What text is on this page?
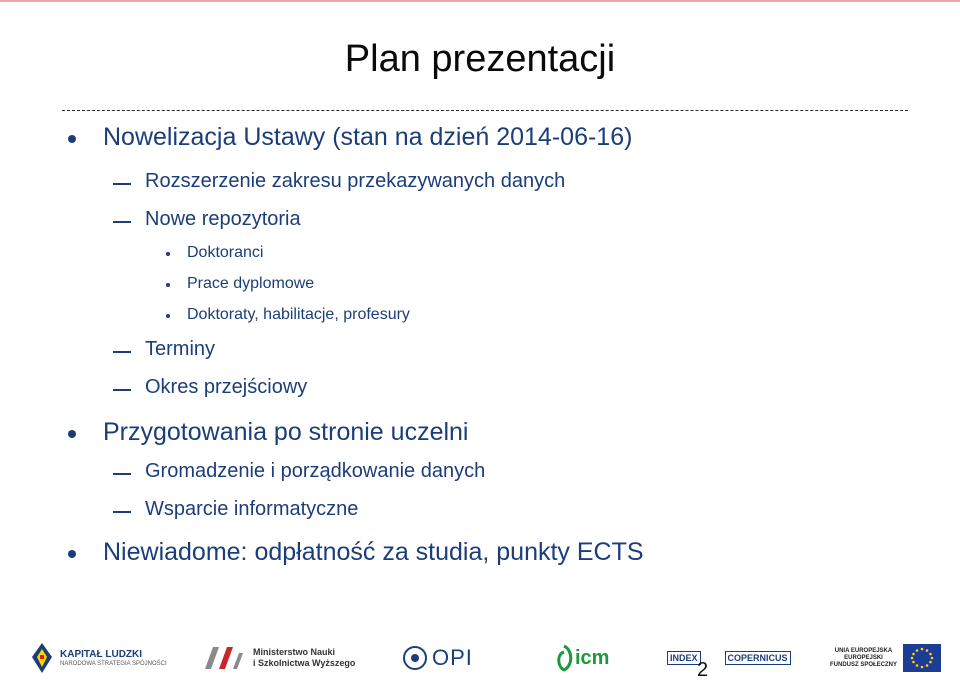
Plan prezentacji
Nowelizacja Ustawy (stan na dzień 2014-06-16)
Rozszerzenie zakresu przekazywanych danych
Nowe repozytoria
Doktoranci
Prace dyplomowe
Doktoraty, habilitacje, profesury
Terminy
Okres przejściowy
Przygotowania po stronie uczelni
Gromadzenie i porządkowanie danych
Wsparcie informatyczne
Niewiadome: odpłatność za studia, punkty ECTS
KAPITAŁ LUDZKI
NARODOWA STRATEGIA SPÓJNOŚCI
Ministerstwo Nauki
i Szkolnictwa Wyższego	OPI	icm	INDEX	COPERNICUS
UNIA EUROPEJSKA
EUROPEJSKI
FUNDUSZ SPOŁECZNY
2
